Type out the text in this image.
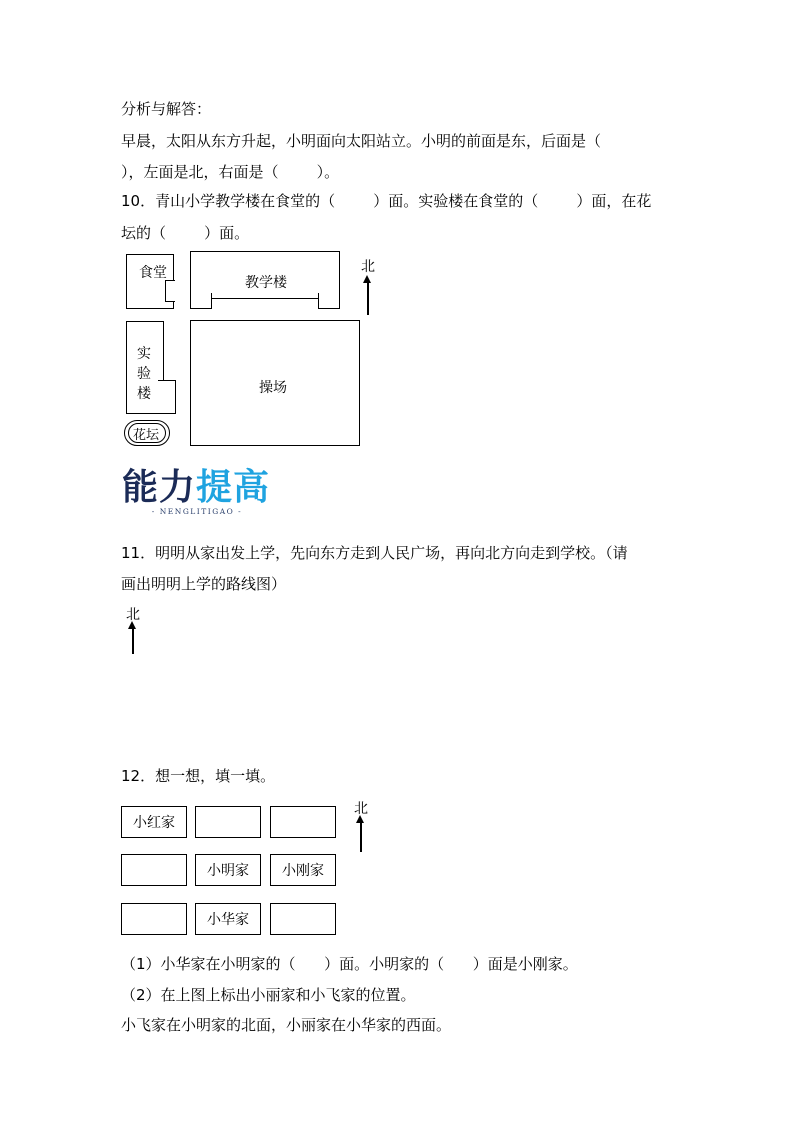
分析与解答：
早晨，太阳从东方升起，小明面向太阳站立。小明的前面是东，后面是（
），左面是北，右面是（        ）。
10．青山小学教学楼在食堂的（        ）面。实验楼在食堂的（        ）面，在花
坛的（        ）面。
食堂
教学楼
北
实
验
楼	操场
花坛
能力提高
- NENGLITIGAO -
11．明明从家出发上学，先向东方走到人民广场，再向北方向走到学校。（请
画出明明上学的路线图）
北
12．想一想，填一填。
小红家
小明家	小刚家
小华家
北
（1）小华家在小明家的（      ）面。小明家的（      ）面是小刚家。
（2）在上图上标出小丽家和小飞家的位置。
小飞家在小明家的北面，小丽家在小华家的西面。
